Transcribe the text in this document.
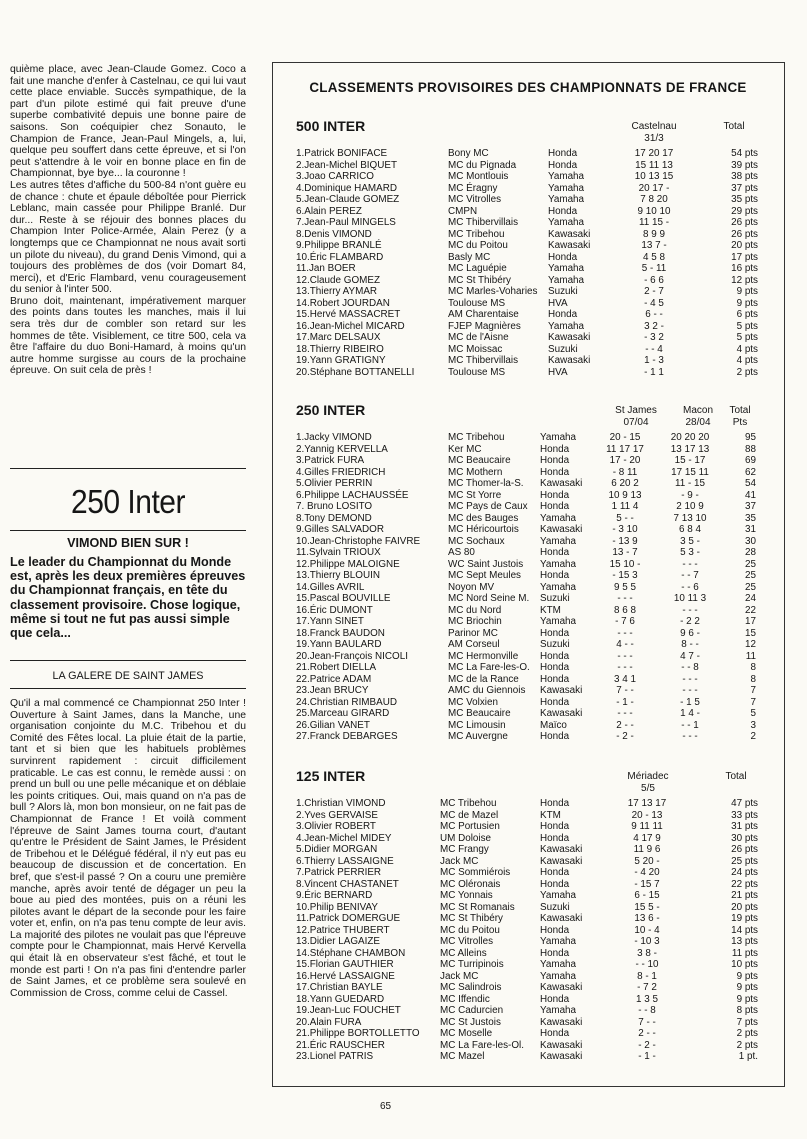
quième place, avec Jean-Claude Gomez. Coco a fait une manche d'enfer à Castelnau, ce qui lui vaut cette place enviable. Succès sympathique, de la part d'un pilote estimé qui fait preuve d'une superbe combativité depuis une bonne paire de saisons. Son coéquipier chez Sonauto, le Champion de France, Jean-Paul Mingels, a, lui, quelque peu souffert dans cette épreuve, et si l'on peut s'attendre à le voir en bonne place en fin de Championnat, bye bye... la couronne !

Les autres têtes d'affiche du 500-84 n'ont guère eu de chance : chute et épaule déboîtée pour Pierrick Leblanc, main cassée pour Philippe Branlé. Dur dur... Reste à se réjouir des bonnes places du Champion Inter Police-Armée, Alain Perez (y a longtemps que ce Championnat ne nous avait sorti un pilote du niveau), du grand Denis Vimond, qui a toujours des problèmes de dos (voir Domart 84, merci), et d'Eric Flambard, venu courageusement du senior à l'inter 500.

Bruno doit, maintenant, impérativement marquer des points dans toutes les manches, mais il lui sera très dur de combler son retard sur les hommes de tête. Visiblement, ce titre 500, cela va être l'affaire du duo Boni-Hamard, à moins qu'un autre homme surgisse au cours de la prochaine épreuve. On suit cela de près !

250 Inter
VIMOND BIEN SUR !
Le leader du Championnat du Monde est, après les deux premières épreuves du Championnat français, en tête du classement provisoire. Chose logique, même si tout ne fut pas aussi simple que cela...
LA GALERE DE SAINT JAMES
Qu'il a mal commencé ce Championnat 250 Inter ! Ouverture à Saint James, dans la Manche, une organisation conjointe du M.C. Tribehou et du Comité des Fêtes local. La pluie était de la partie, tant et si bien que les habituels problèmes survinrent rapidement : circuit difficilement praticable. Le cas est connu, le remède aussi : on prend un bull ou une pelle mécanique et on déblaie les points critiques. Oui, mais quand on n'a pas de bull ? Alors là, mon bon monsieur, on ne fait pas de Championnat de France ! Et voilà comment l'épreuve de Saint James tourna court, d'autant qu'entre le Président de Saint James, le Président de Tribehou et le Délégué fédéral, il n'y eut pas eu beaucoup de discussion et de concertation. En bref, que s'est-il passé ? On a couru une première manche, après avoir tenté de dégager un peu la boue au pied des montées, puis on a réuni les pilotes avant le départ de la seconde pour les faire voter et, enfin, on n'a pas tenu compte de leur avis. La majorité des pilotes ne voulait pas que l'épreuve compte pour le Championnat, mais Hervé Kervella qui était là en observateur s'est fâché, et tout le monde est parti ! On n'a pas fini d'entendre parler de Saint James, et ce problème sera soulevé en Commission de Cross, comme celui de Cassel.
CLASSEMENTS PROVISOIRES DES CHAMPIONNATS DE FRANCE
500 INTER	Castelnau
31/3
Total
1.Patrick BONIFACE	Bony MC	Honda	17 20 17	54 pts
2.Jean-Michel BIQUET	MC du Pignada	Honda	15 11 13	39 pts
3.Joao CARRICO	MC Montlouis	Yamaha	10 13 15	38 pts
4.Dominique HAMARD	MC Éragny	Yamaha	20 17 -	37 pts
5.Jean-Claude GOMEZ	MC Vitrolles	Yamaha	7 8 20	35 pts
6.Alain PEREZ	CMPN	Honda	9 10 10	29 pts
7.Jean-Paul MINGELS	MC Thibervillais	Yamaha	11 15 -	26 pts
8.Denis VIMOND	MC Tribehou	Kawasaki	8 9 9	26 pts
9.Philippe BRANLÉ	MC du Poitou	Kawasaki	13 7 -	20 pts
10.Éric FLAMBARD	Basly MC	Honda	4 5 8	17 pts
11.Jan BOER	MC Laguépie	Yamaha	5 - 11	16 pts
12.Claude GOMEZ	MC St Thibéry	Yamaha	- 6 6	12 pts
13.Thierry AYMAR	MC Marles-Voharies Suzuki	2 - 7	9 pts
14.Robert JOURDAN	Toulouse MS	HVA	- 4 5	9 pts
15.Hervé MASSACRET	AM Charentaise	Honda	6 - -	6 pts
16.Jean-Michel MICARD	FJEP Magnières	Yamaha	3 2 -	5 pts
17.Marc DELSAUX	MC de l'Aisne	Kawasaki	- 3 2	5 pts
18.Thierry RIBEIRO	MC Moissac	Suzuki	- - 4	4 pts
19.Yann GRATIGNY	MC Thibervillais	Kawasaki	1 - 3	4 pts
20.Stéphane BOTTANELLI	Toulouse MS	HVA	- 1 1	2 pts
250 INTER	St James
07/04
Macon
28/04
Total
Pts
1.Jacky VIMOND	MC Tribehou	Yamaha	20 - 15	20 20 20	95
2.Yannig KERVELLA	Ker MC	Honda	11 17 17	13 17 13	88
3.Patrick FURA	MC Beaucaire	Honda	17 - 20	15 - 17	69
4.Gilles FRIEDRICH	MC Mothern	Honda	- 8 11	17 15 11	62
5.Olivier PERRIN	MC Thomer-la-S. Kawasaki	6 20 2	11 - 15	54
6.Philippe LACHAUSSÉE	MC St Yorre	Honda	10 9 13	- 9 -	41
7. Bruno LOSITO	MC Pays de Caux Honda	1 11 4	2 10 9	37
8.Tony DEMOND	MC des Bauges Yamaha	5 - -	7 13 10	35
9.Gilles SALVADOR	MC Héricourtois Kawasaki	- 3 10	6 8 4	31
10.Jean-Christophe FAIVRE	MC Sochaux	Yamaha	- 13 9	3 5 -	30
11.Sylvain TRIOUX	AS 80	Honda	13 - 7	5 3 -	28
12.Philippe MALOIGNE	WC Saint Justois Yamaha	15 10 -	- - -	25
13.Thierry BLOUIN	MC Sept Meules Honda	- 15 3	- - 7	25
14.Gilles AVRIL	Noyon MV	Yamaha	9 5 5	- - 6	25
15.Pascal BOUVILLE	MC Nord Seine M. Suzuki	- - -	10 11 3	24
16.Éric DUMONT	MC du Nord	KTM	8 6 8	- - -	22
17.Yann SINET	MC Briochin	Yamaha	- 7 6	- 2 2	17
18.Franck BAUDON	Parinor MC	Honda	- - -	9 6 -	15
19.Yann BAULARD	AM Corseul	Suzuki	4 - -	8 - -	12
20.Jean-François NICOLI	MC Hermonville Honda	- - -	4 7 -	11
21.Robert DIELLA	MC La Fare-les-O. Honda	- - -	- - 8	8
22.Patrice ADAM	MC de la Rance Honda	3 4 1	- - -	8
23.Jean BRUCY	AMC du Giennois Kawasaki	7 - -	- - -	7
24.Christian RIMBAUD	MC Volxien	Honda	- 1 -	- 1 5	7
25.Marceau GIRARD	MC Beaucaire	Kawasaki	- - -	1 4 -	5
26.Gilian VANET	MC Limousin	Maïco	2 - -	- - 1	3
27.Franck DEBARGES	MC Auvergne	Honda	- 2 -	- - -	2
125 INTER	Mériadec
5/5
Total
1.Christian VIMOND	MC Tribehou	Honda	17 13 17	47 pts
2.Yves GERVAISE	MC de Mazel	KTM	20 - 13	33 pts
3.Olivier ROBERT	MC Portusien	Honda	9 11 11	31 pts
4.Jean-Michel MIDEY	UM Doloise	Honda	4 17 9	30 pts
5.Didier MORGAN	MC Frangy	Kawasaki	11 9 6	26 pts
6.Thierry LASSAIGNE	Jack MC	Kawasaki	5 20 -	25 pts
7.Patrick PERRIER	MC Sommiérois	Honda	- 4 20	24 pts
8.Vincent CHASTANET	MC Oléronais	Honda	- 15 7	22 pts
9.Éric BERNARD	MC Yonnais	Yamaha	6 - 15	21 pts
10.Philip BENIVAY	MC St Romanais	Suzuki	15 5 -	20 pts
11.Patrick DOMERGUE	MC St Thibéry	Kawasaki	13 6 -	19 pts
12.Patrice THUBERT	MC du Poitou	Honda	10 - 4	14 pts
13.Didier LAGAIZE	MC Vitrolles	Yamaha	- 10 3	13 pts
14.Stéphane CHAMBON	MC Alleins	Honda	3 8 -	11 pts
15.Florian GAUTHIER	MC Turripinois	Yamaha	- - 10	10 pts
16.Hervé LASSAIGNE	Jack MC	Yamaha	8 - 1	9 pts
17.Christian BAYLE	MC Salindrois	Kawasaki	- 7 2	9 pts
18.Yann GUEDARD	MC Iffendic	Honda	1 3 5	9 pts
19.Jean-Luc FOUCHET	MC Cadurcien	Yamaha	- - 8	8 pts
20.Alain FURA	MC St Justois	Kawasaki	7 - -	7 pts
21.Philippe BORTOLLETTO MC Moselle	Honda	2 - -	2 pts
21.Éric RAUSCHER	MC La Fare-les-Ol. Kawasaki	- 2 -	2 pts
23.Lionel PATRIS	MC Mazel	Kawasaki	- 1 -	1 pt.
65
